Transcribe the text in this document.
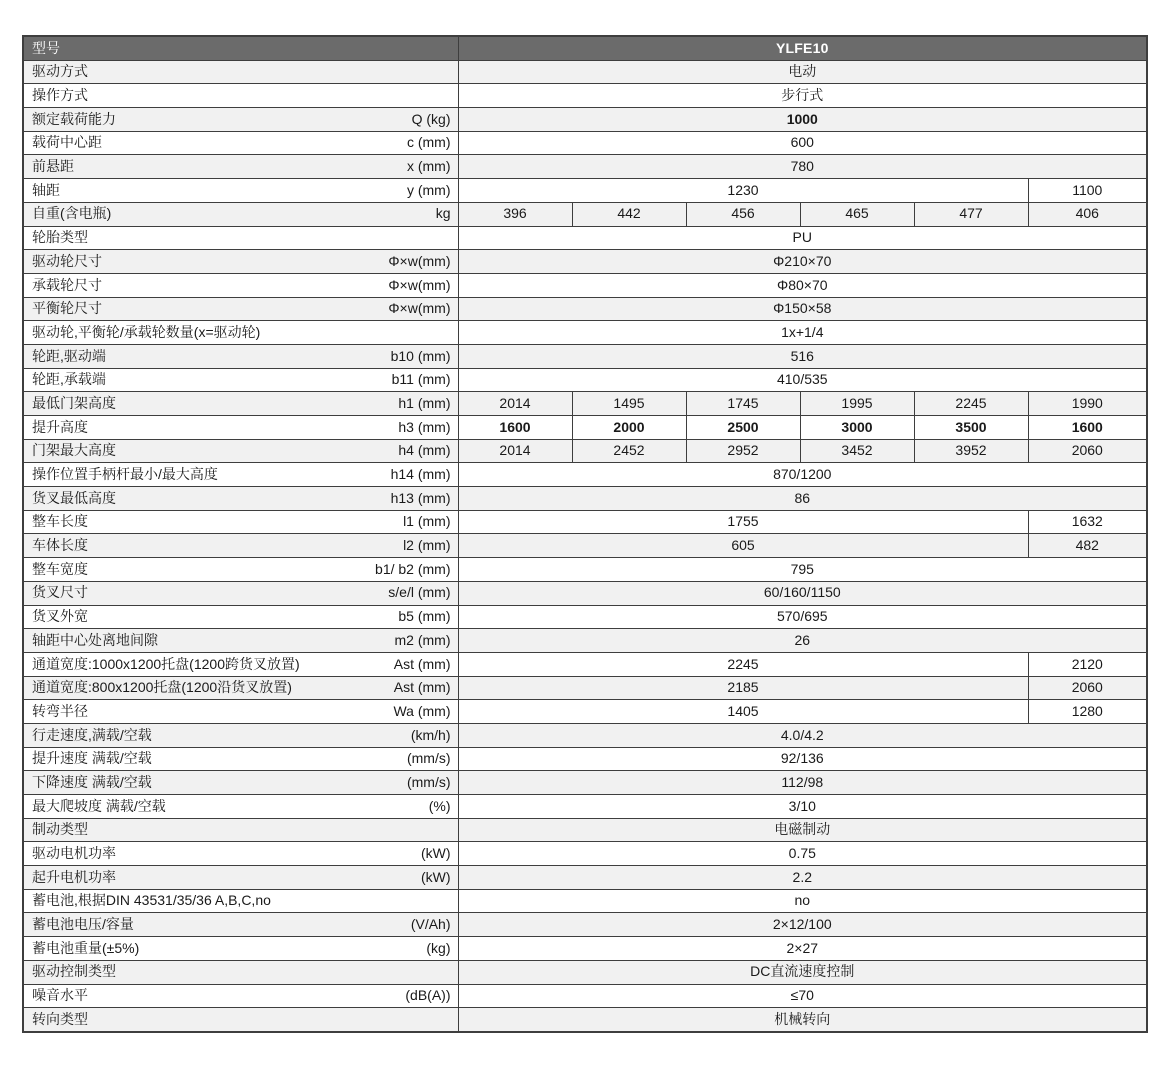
型号	YLFE10					

驱动方式	电动					

操作方式	步行式					

额定载荷能力 Q (kg)	1000					

载荷中心距 c (mm)	600					

前悬距 x (mm)	780					

轴距 y (mm)	1230					1100

自重(含电瓶) kg	396	442	456	465	477	406

轮胎类型	PU					

驱动轮尺寸 Φ×w(mm)	Φ210×70					

承载轮尺寸 Φ×w(mm)	Φ80×70					

平衡轮尺寸 Φ×w(mm)	Φ150×58					

驱动轮,平衡轮/承载轮数量(x=驱动轮)	1x+1/4					

轮距,驱动端 b10 (mm)	516					

轮距,承载端 b11 (mm)	410/535					

最低门架高度 h1 (mm)	2014	1495	1745	1995	2245	1990

提升高度 h3 (mm)	1600	2000	2500	3000	3500	1600

门架最大高度 h4 (mm)	2014	2452	2952	3452	3952	2060

操作位置手柄杆最小/最大高度 h14 (mm)	870/1200					

货叉最低高度 h13 (mm)	86					

整车长度 l1 (mm)	1755					1632

车体长度 l2 (mm)	605					482

整车宽度 b1/ b2 (mm)	795					

货叉尺寸 s/e/l (mm)	60/160/1150					

货叉外宽 b5 (mm)	570/695					

轴距中心处离地间隙 m2 (mm)	26					

通道宽度:1000x1200托盘(1200跨货叉放置) Ast (mm)	2245					2120

通道宽度:800x1200托盘(1200沿货叉放置) Ast (mm)	2185					2060

转弯半径 Wa (mm)	1405					1280

行走速度,满载/空载 (km/h)	4.0/4.2					

提升速度 满载/空载 (mm/s)	92/136					

下降速度 满载/空载 (mm/s)	112/98					

最大爬坡度 满载/空载 (%)	3/10					

制动类型	电磁制动					

驱动电机功率 (kW)	0.75					

起升电机功率 (kW)	2.2					

蓄电池,根据DIN 43531/35/36 A,B,C,no	no					

蓄电池电压/容量 (V/Ah)	2×12/100					

蓄电池重量(±5%) (kg)	2×27					

驱动控制类型	DC直流速度控制					

噪音水平 (dB(A))	≤70					

转向类型	机械转向					
